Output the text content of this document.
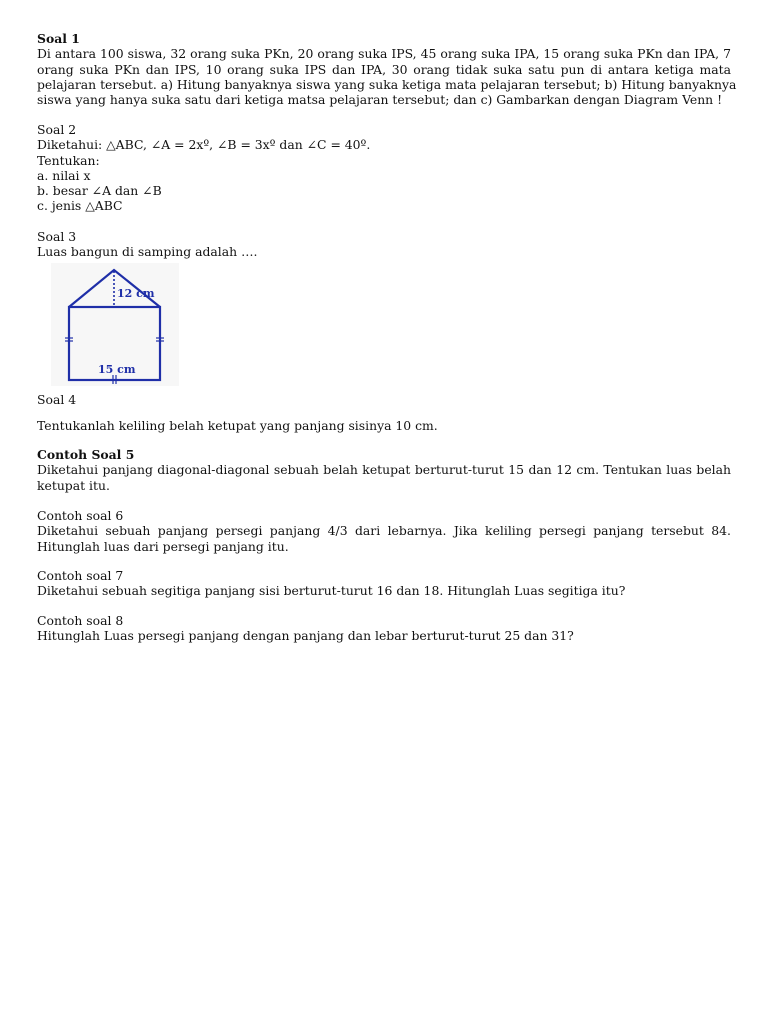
Soal 1
Di antara 100 siswa, 32 orang suka PKn, 20 orang suka IPS, 45 orang suka IPA, 15 orang suka PKn dan IPA, 7
orang suka PKn dan IPS, 10 orang suka IPS dan IPA, 30 orang tidak suka satu pun di antara ketiga mata
pelajaran tersebut. a) Hitung banyaknya siswa yang suka ketiga mata pelajaran tersebut; b) Hitung banyaknya
siswa yang hanya suka satu dari ketiga matsa pelajaran tersebut; dan c) Gambarkan dengan Diagram Venn !
Soal 2
Diketahui: △ABC, ∠A = 2xº, ∠B = 3xº dan ∠C = 40º.
Tentukan:
a. nilai x
b. besar ∠A dan ∠B
c. jenis △ABC
Soal 3
Luas bangun di samping adalah ….
12 cm
15 cm
Soal 4
Tentukanlah keliling belah ketupat yang panjang sisinya 10 cm.
Contoh Soal 5
Diketahui panjang diagonal-diagonal sebuah belah ketupat berturut-turut 15 dan 12 cm. Tentukan luas belah
ketupat itu.
Contoh soal 6
Diketahui sebuah panjang persegi panjang 4/3 dari lebarnya. Jika keliling persegi panjang tersebut 84.
Hitunglah luas dari persegi panjang itu.
Contoh soal 7
Diketahui sebuah segitiga panjang sisi berturut-turut 16 dan 18. Hitunglah Luas segitiga itu?
Contoh soal 8
Hitunglah Luas persegi panjang dengan panjang dan lebar berturut-turut 25 dan 31?
